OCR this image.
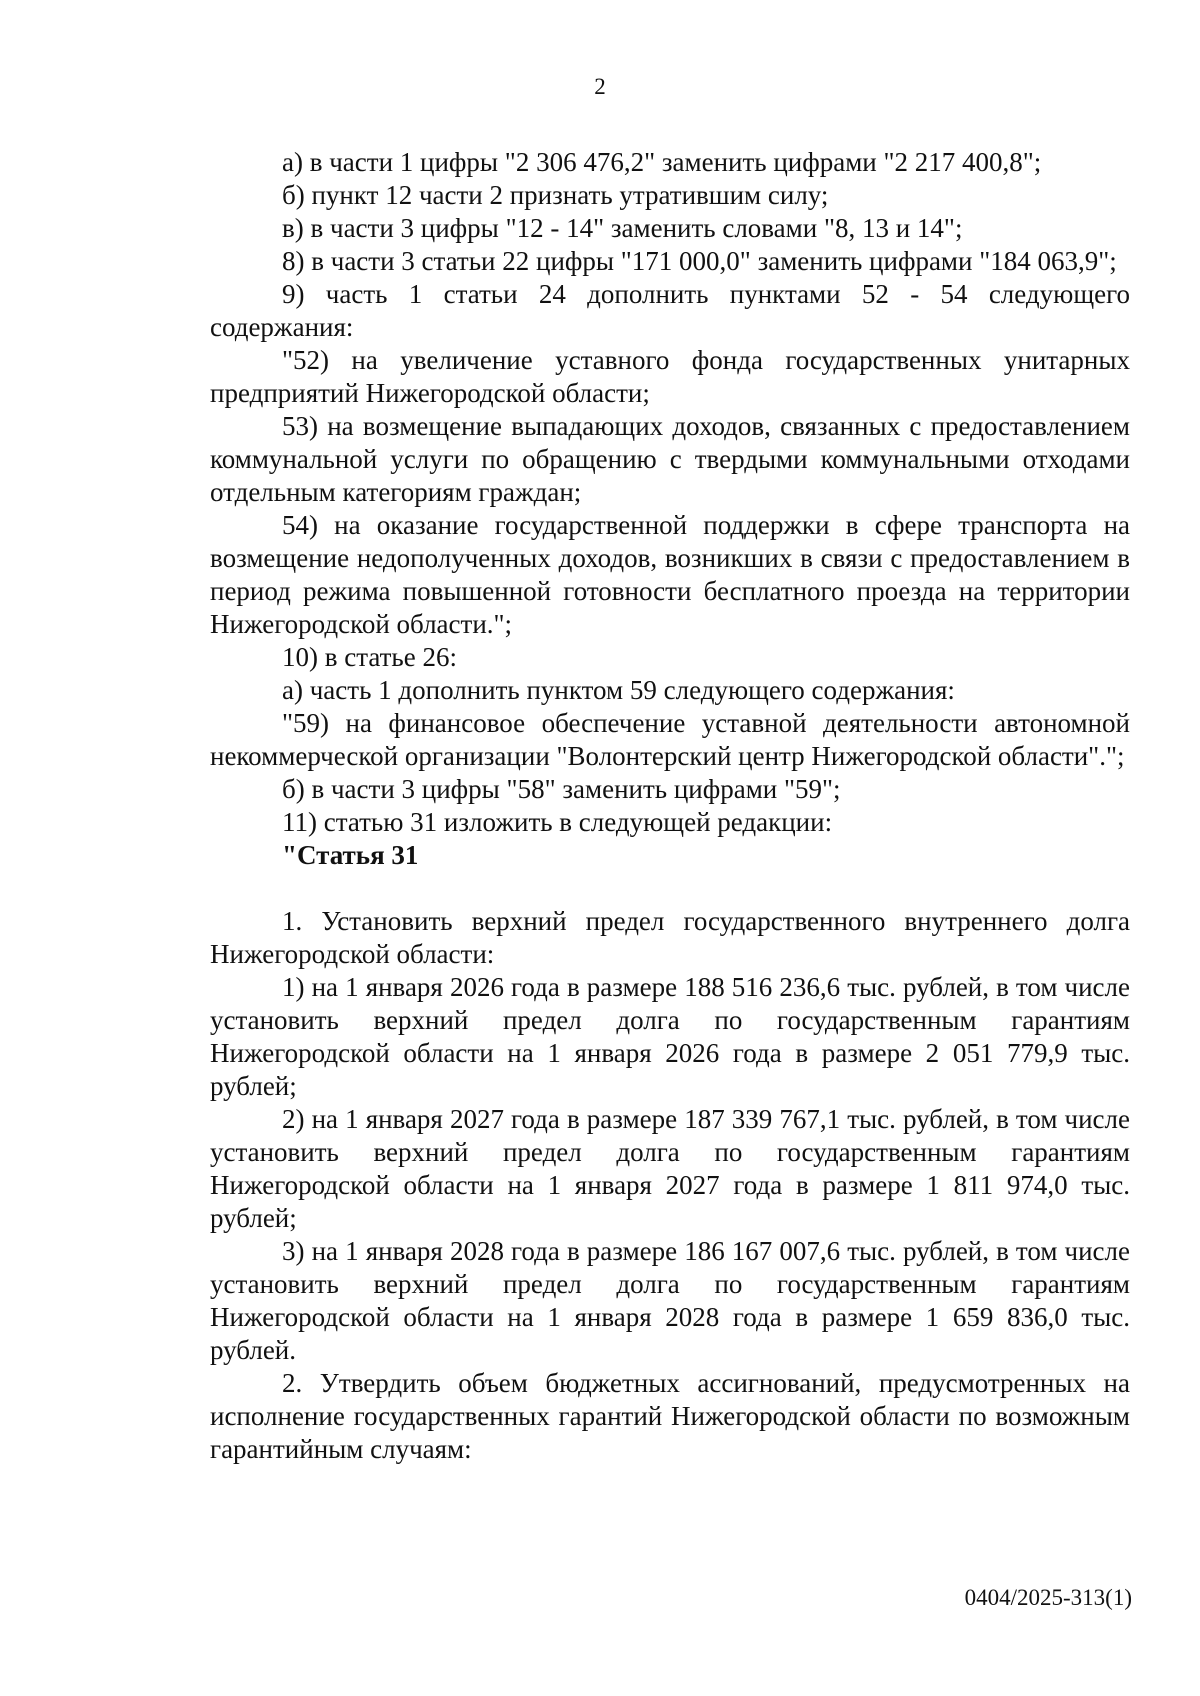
2

а) в части 1 цифры "2 306 476,2" заменить цифрами "2 217 400,8";

б) пункт 12 части 2 признать утратившим силу;

в) в части 3 цифры "12 - 14" заменить словами "8, 13 и 14";

8) в части 3 статьи 22 цифры "171 000,0" заменить цифрами "184 063,9";

9) часть 1 статьи 24 дополнить пунктами 52 - 54 следующего содержания:

"52) на увеличение уставного фонда государственных унитарных предприятий Нижегородской области;

53) на возмещение выпадающих доходов, связанных с предоставлением коммунальной услуги по обращению с твердыми коммунальными отходами отдельным категориям граждан;

54) на оказание государственной поддержки в сфере транспорта на возмещение недополученных доходов, возникших в связи с предоставлением в период режима повышенной готовности бесплатного проезда на территории Нижегородской области.";

10) в статье 26:

а) часть 1 дополнить пунктом 59 следующего содержания:

"59) на финансовое обеспечение уставной деятельности автономной некоммерческой организации "Волонтерский центр Нижегородской области".";

б) в части 3 цифры "58" заменить цифрами "59";

11) статью 31 изложить в следующей редакции:

"Статья 31

1. Установить верхний предел государственного внутреннего долга Нижегородской области:

1) на 1 января 2026 года в размере 188 516 236,6 тыс. рублей, в том числе установить верхний предел долга по государственным гарантиям Нижегородской области на 1 января 2026 года в размере 2 051 779,9 тыс. рублей;

2) на 1 января 2027 года в размере 187 339 767,1 тыс. рублей, в том числе установить верхний предел долга по государственным гарантиям Нижегородской области на 1 января 2027 года в размере 1 811 974,0 тыс. рублей;

3) на 1 января 2028 года в размере 186 167 007,6 тыс. рублей, в том числе установить верхний предел долга по государственным гарантиям Нижегородской области на 1 января 2028 года в размере 1 659 836,0 тыс. рублей.

2. Утвердить объем бюджетных ассигнований, предусмотренных на исполнение государственных гарантий Нижегородской области по возможным гарантийным случаям:

0404/2025-313(1)
